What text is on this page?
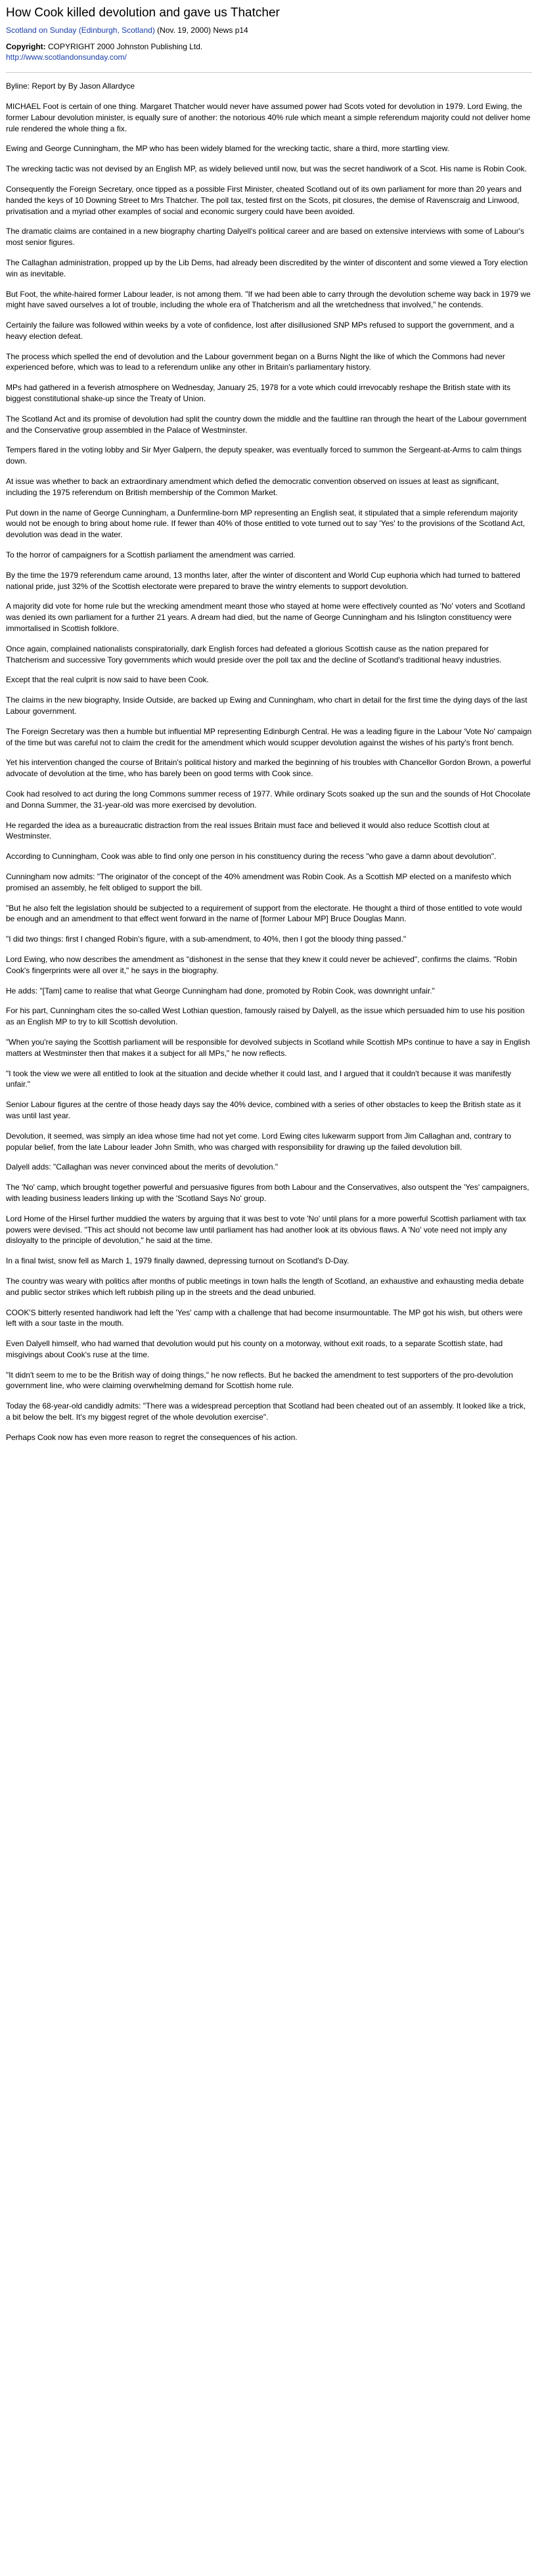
How Cook killed devolution and gave us Thatcher
Scotland on Sunday (Edinburgh, Scotland) (Nov. 19, 2000) News p14
Copyright: COPYRIGHT 2000 Johnston Publishing Ltd.
http://www.scotlandonsunday.com/

Byline: Report by By Jason Allardyce

MICHAEL Foot is certain of one thing. Margaret Thatcher would never have assumed power had Scots voted for devolution in 1979. Lord Ewing, the former Labour devolution minister, is equally sure of another: the notorious 40% rule which meant a simple referendum majority could not deliver home rule rendered the whole thing a fix.

Ewing and George Cunningham, the MP who has been widely blamed for the wrecking tactic, share a third, more startling view.

The wrecking tactic was not devised by an English MP, as widely believed until now, but was the secret handiwork of a Scot. His name is Robin Cook.

Consequently the Foreign Secretary, once tipped as a possible First Minister, cheated Scotland out of its own parliament for more than 20 years and handed the keys of 10 Downing Street to Mrs Thatcher. The poll tax, tested first on the Scots, pit closures, the demise of Ravenscraig and Linwood, privatisation and a myriad other examples of social and economic surgery could have been avoided.

The dramatic claims are contained in a new biography charting Dalyell's political career and are based on extensive interviews with some of Labour's most senior figures.

The Callaghan administration, propped up by the Lib Dems, had already been discredited by the winter of discontent and some viewed a Tory election win as inevitable.

But Foot, the white-haired former Labour leader, is not among them. "If we had been able to carry through the devolution scheme way back in 1979 we might have saved ourselves a lot of trouble, including the whole era of Thatcherism and all the wretchedness that involved," he contends.

Certainly the failure was followed within weeks by a vote of confidence, lost after disillusioned SNP MPs refused to support the government, and a heavy election defeat.

The process which spelled the end of devolution and the Labour government began on a Burns Night the like of which the Commons had never experienced before, which was to lead to a referendum unlike any other in Britain's parliamentary history.

MPs had gathered in a feverish atmosphere on Wednesday, January 25, 1978 for a vote which could irrevocably reshape the British state with its biggest constitutional shake-up since the Treaty of Union.

The Scotland Act and its promise of devolution had split the country down the middle and the faultline ran through the heart of the Labour government and the Conservative group assembled in the Palace of Westminster.

Tempers flared in the voting lobby and Sir Myer Galpern, the deputy speaker, was eventually forced to summon the Sergeant-at-Arms to calm things down.

At issue was whether to back an extraordinary amendment which defied the democratic convention observed on issues at least as significant, including the 1975 referendum on British membership of the Common Market.

Put down in the name of George Cunningham, a Dunfermline-born MP representing an English seat, it stipulated that a simple referendum majority would not be enough to bring about home rule. If fewer than 40% of those entitled to vote turned out to say 'Yes' to the provisions of the Scotland Act, devolution was dead in the water.

To the horror of campaigners for a Scottish parliament the amendment was carried.

By the time the 1979 referendum came around, 13 months later, after the winter of discontent and World Cup euphoria which had turned to battered national pride, just 32% of the Scottish electorate were prepared to brave the wintry elements to support devolution.

A majority did vote for home rule but the wrecking amendment meant those who stayed at home were effectively counted as 'No' voters and Scotland was denied its own parliament for a further 21 years. A dream had died, but the name of George Cunningham and his Islington constituency were immortalised in Scottish folklore.

Once again, complained nationalists conspiratorially, dark English forces had defeated a glorious Scottish cause as the nation prepared for Thatcherism and successive Tory governments which would preside over the poll tax and the decline of Scotland's traditional heavy industries.

Except that the real culprit is now said to have been Cook.

The claims in the new biography, Inside Outside, are backed up Ewing and Cunningham, who chart in detail for the first time the dying days of the last Labour government.

The Foreign Secretary was then a humble but influential MP representing Edinburgh Central. He was a leading figure in the Labour 'Vote No' campaign of the time but was careful not to claim the credit for the amendment which would scupper devolution against the wishes of his party's front bench.

Yet his intervention changed the course of Britain's political history and marked the beginning of his troubles with Chancellor Gordon Brown, a powerful advocate of devolution at the time, who has barely been on good terms with Cook since.

Cook had resolved to act during the long Commons summer recess of 1977. While ordinary Scots soaked up the sun and the sounds of Hot Chocolate and Donna Summer, the 31-year-old was more exercised by devolution.

He regarded the idea as a bureaucratic distraction from the real issues Britain must face and believed it would also reduce Scottish clout at Westminster.

According to Cunningham, Cook was able to find only one person in his constituency during the recess "who gave a damn about devolution".

Cunningham now admits: "The originator of the concept of the 40% amendment was Robin Cook. As a Scottish MP elected on a manifesto which promised an assembly, he felt obliged to support the bill.

"But he also felt the legislation should be subjected to a requirement of support from the electorate. He thought a third of those entitled to vote would be enough and an amendment to that effect went forward in the name of [former Labour MP] Bruce Douglas Mann.

"I did two things: first I changed Robin's figure, with a sub-amendment, to 40%, then I got the bloody thing passed."

Lord Ewing, who now describes the amendment as "dishonest in the sense that they knew it could never be achieved", confirms the claims. "Robin Cook's fingerprints were all over it," he says in the biography.

He adds: "[Tam] came to realise that what George Cunningham had done, promoted by Robin Cook, was downright unfair."

For his part, Cunningham cites the so-called West Lothian question, famously raised by Dalyell, as the issue which persuaded him to use his position as an English MP to try to kill Scottish devolution.

"When you're saying the Scottish parliament will be responsible for devolved subjects in Scotland while Scottish MPs continue to have a say in English matters at Westminster then that makes it a subject for all MPs," he now reflects.

"I took the view we were all entitled to look at the situation and decide whether it could last, and I argued that it couldn't because it was manifestly unfair."

Senior Labour figures at the centre of those heady days say the 40% device, combined with a series of other obstacles to keep the British state as it was until last year.

Devolution, it seemed, was simply an idea whose time had not yet come. Lord Ewing cites lukewarm support from Jim Callaghan and, contrary to popular belief, from the late Labour leader John Smith, who was charged with responsibility for drawing up the failed devolution bill.

Dalyell adds: "Callaghan was never convinced about the merits of devolution."

The 'No' camp, which brought together powerful and persuasive figures from both Labour and the Conservatives, also outspent the 'Yes' campaigners, with leading business leaders linking up with the 'Scotland Says No' group.

Lord Home of the Hirsel further muddied the waters by arguing that it was best to vote 'No' until plans for a more powerful Scottish parliament with tax powers were devised. "This act should not become law until parliament has had another look at its obvious flaws. A 'No' vote need not imply any disloyalty to the principle of devolution," he said at the time.

In a final twist, snow fell as March 1, 1979 finally dawned, depressing turnout on Scotland's D-Day.

The country was weary with politics after months of public meetings in town halls the length of Scotland, an exhaustive and exhausting media debate and public sector strikes which left rubbish piling up in the streets and the dead unburied.

COOK'S bitterly resented handiwork had left the 'Yes' camp with a challenge that had become insurmountable. The MP got his wish, but others were left with a sour taste in the mouth.

Even Dalyell himself, who had warned that devolution would put his county on a motorway, without exit roads, to a separate Scottish state, had misgivings about Cook's ruse at the time.

"It didn't seem to me to be the British way of doing things," he now reflects. But he backed the amendment to test supporters of the pro-devolution government line, who were claiming overwhelming demand for Scottish home rule.

Today the 68-year-old candidly admits: "There was a widespread perception that Scotland had been cheated out of an assembly. It looked like a trick, a bit below the belt. It's my biggest regret of the whole devolution exercise".

Perhaps Cook now has even more reason to regret the consequences of his action.
